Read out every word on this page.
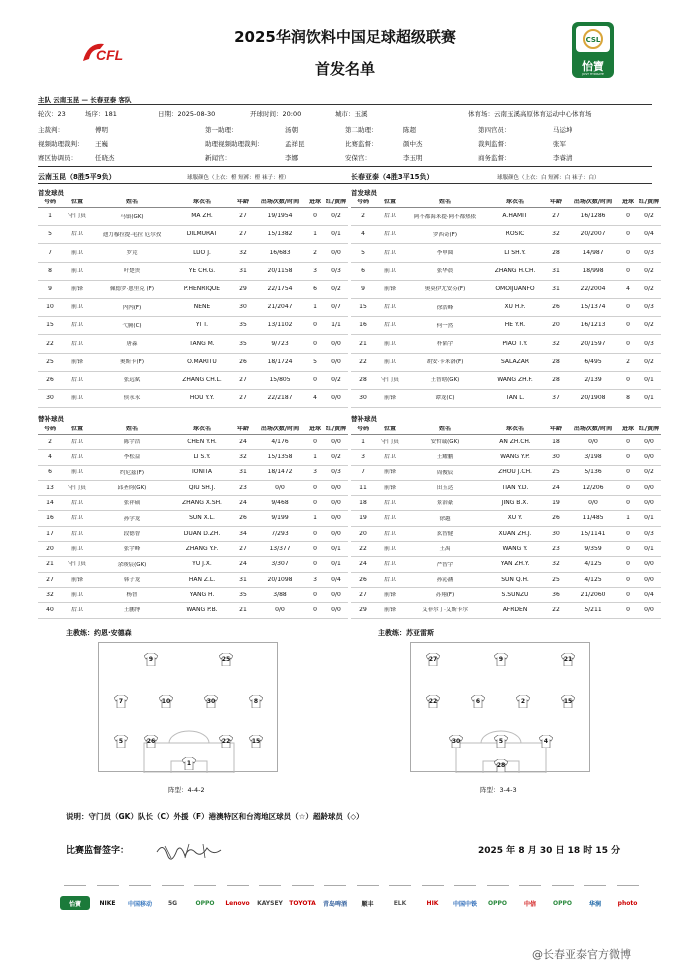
2025华润饮料中国足球超级联赛
首发名单
CFL
CSL
怡寶
JUST HYDRATE
主队 云南玉昆 — 长春亚泰 客队
轮次：23	场序：181	日期：2025-08-30	开球时间：20:00	城市：玉溪	体育场：云南玉溪高原体育运动中心体育场
主裁判：	傅明	第一助理：	汤朝	第二助理：	陈超	第四官员：	马运坤
视频助理裁判： 王巍	助理视频助理裁判：	孟祥昆	比赛监督：	颜中杰	裁判监督：	张军
赛区协调员：	任晓杰	新闻官：	李娜	安保官：	李玉明	商务监督：	李睿清
云南玉昆（8胜5平9负）	球服颜色（上衣：橙 短裤：橙 袜子：橙）	长春亚泰（4胜3平15负）	球服颜色（上衣：白 短裤：白 袜子：白）
首发球员	首发球员
替补球员	替补球员
号码	位置	姓名	球衣名	年龄	出场次数/时间	进球 红/黄牌
1	守门员	马镇(GK)	MA ZH.	27	19/1954	0	0/2
5	后卫	迪力穆拉提·毛拉 厄尔孜	DILMURAT	27	15/1382	1	0/1
7	前卫	罗竞	LUO J.	32	16/683	2	0/0
8	前卫	叶楚贵	YE CH.G.	31	20/1158	3	0/3
9	前锋	佩德罗·恩里克 (F)	P.HENRIQUE	29	22/1754	6	0/2
10	前卫	内内(F)	NENE	30	21/2047	1	0/7
15	后卫	弋腾(C)	YI T.	35	13/1102	0	1/1
22	后卫	唐淼	TANG M.	35	9/723	0	0/0
25	前锋	奥斯卡(F)	O.MARITU	26	18/1724	5	0/0
26	后卫	张远斌	ZHANG CH.L.	27	15/805	0	0/2
30	前卫	侯永永	HOU Y.Y.	27	22/2187	4	0/0
号码	位置	姓名	球衣名	年龄	出场次数/时间	进球 红/黄牌
2	后卫	阿不都海米提·阿不都热依	A.HAMIT	27	16/1286	0	0/2
4	后卫	罗西奇(F)	ROSIĆ	32	20/2007	0	0/4
5	后卫	李申圆	LI SH.Y.	28	14/987	0	0/3
6	前卫	张华晨	ZHANG H.CH.	31	18/998	0	0/2
9	前锋	奥莫伊尤安芬(F)	OMOIJUANFO	31	22/2004	4	0/2
15	后卫	徐浩峰	XU H.F.	26	15/1374	0	0/3
16	后卫	何一然	HE Y.R.	20	16/1213	0	0/2
21	前卫	朴韬宇	PIAO T.Y.	32	20/1597	0	0/3
22	前卫	胡安·卡米洛(F)	SALAZAR	28	6/495	2	0/2
28	守门员	王智晗(GK)	WANG ZH.F.	28	2/139	0	0/1
30	前锋	谭龙(C)	TAN L.	37	20/1908	8	0/1
号码	位置	姓名	球衣名	年龄	出场次数/时间	进球 红/黄牌
2	后卫	陈宇浩	CHEN Y.H.	24	4/176	0	0/0
4	后卫	李松益	LI S.Y.	32	15/1358	1	0/2
6	前卫	约尼兹(F)	IONITA	31	18/1472	3	0/3
13	守门员	邱圣钧(GK)	QIU SH.J.	23	0/0	0	0/0
14	后卫	张祥硕	ZHANG X.SH.	24	9/468	0	0/0
16	后卫	孙学龙	SUN X.L.	26	9/199	1	0/0
17	后卫	段德智	DUAN D.ZH.	34	7/293	0	0/0
20	前卫	张宇峰	ZHANG Y.F.	27	13/377	0	0/1
21	守门员	余竣宸(GK)	YU J.X.	24	3/307	0	0/1
27	前锋	韩子龙	HAN Z.L.	31	20/1098	3	0/4
32	前卫	杨智	YANG H.	35	3/88	0	0/0
40	后卫	王鹏博	WANG P.B.	21	0/0	0	0/0
号码	位置	姓名	球衣名	年龄	出场次数/时间	进球 红/黄牌
1	守门员	安哲诚(GK)	AN ZH.CH.	18	0/0	0	0/0
3	后卫	王耀鹏	WANG Y.P.	30	3/198	0	0/0
7	前锋	周俊辰	ZHOU J.CH.	25	5/136	0	0/2
11	前锋	田玉达	TIAN Y.D.	24	12/206	0	0/0
18	后卫	景治豪	JING B.X.	19	0/0	0	0/0
19	后卫	徐越	XU Y.	26	11/485	1	0/1
20	后卫	玄智健	XUAN ZH.J.	30	15/1141	0	0/3
22	前卫	王禹	WANG Y.	23	9/359	0	0/1
24	后卫	严智宇	YAN ZH.Y.	32	4/125	0	0/0
26	后卫	孙沁涵	SUN Q.H.	25	4/125	0	0/0
27	前锋	苏翔(F)	S.SUNZU	36	21/2060	0	0/4
29	前锋	艾菲尔丁·艾斯卡尔	AFRDEN	22	5/211	0	0/0
主教练：约恩·安德森	主教练：苏亚雷斯
9	25
7	10	30	8
5	26	22	15
1
27	9	21
22	6	2	15
30	5	4
28
阵型：4-4-2	阵型：3-4-3
说明：守门员（GK）队长（C）外援（F）港澳特区和台湾地区球员（☆）超龄球员（◇）
比赛监督签字：	2025 年 8 月 30 日 18 时 15 分
怡寶	NIKE	中国移动	5G	OPPO	Lenovo	KAYSEY	TOYOTA	青岛啤酒	顺丰	ELK	HIK	中国中铁	OPPO	中信	OPPO	华润	photo
@长春亚泰官方微博
